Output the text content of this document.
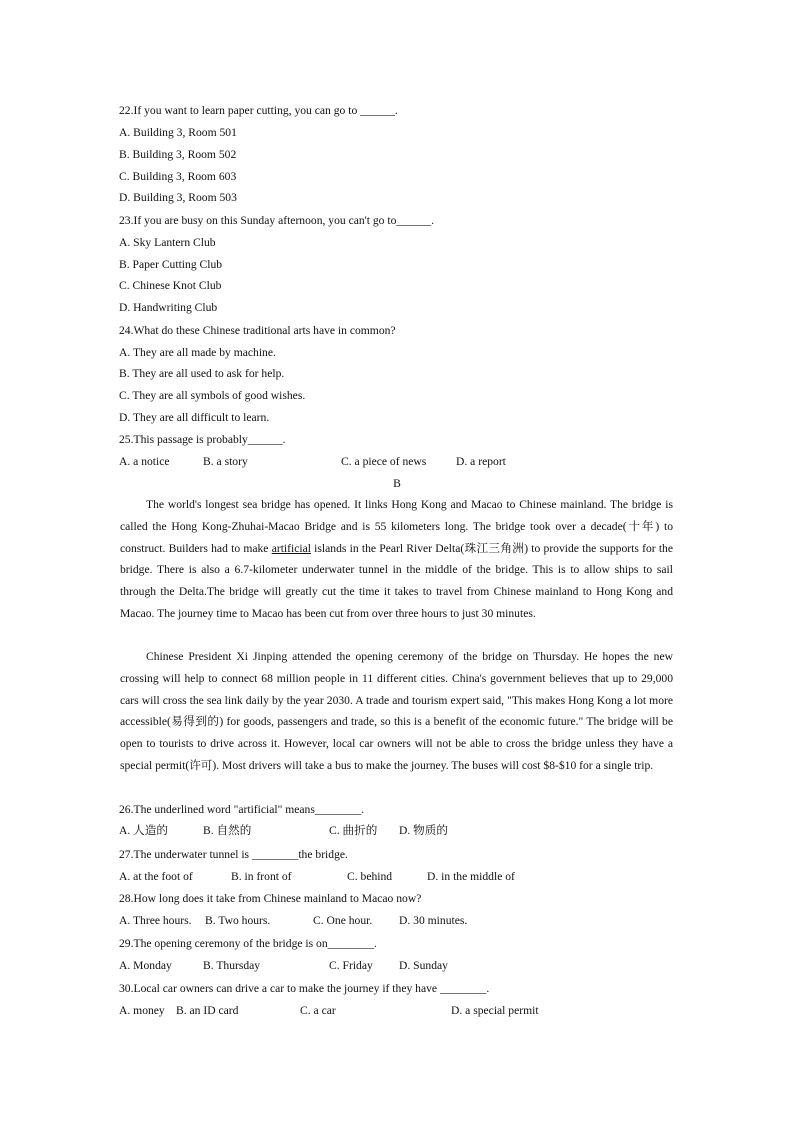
22.If you want to learn paper cutting, you can go to ______.
A. Building 3, Room 501
B. Building 3, Room 502
C. Building 3, Room 603
D. Building 3, Room 503
23.If you are busy on this Sunday afternoon, you can't go to______.
A. Sky Lantern Club
B. Paper Cutting Club
C. Chinese Knot Club
D. Handwriting Club
24.What do these Chinese traditional arts have in common?
A. They are all made by machine.
B. They are all used to ask for help.
C. They are all symbols of good wishes.
D. They are all difficult to learn.
25.This passage is probably______.
A. a notice	B. a story	C. a piece of news	D. a report
B
The world's longest sea bridge has opened. It links Hong Kong and Macao to Chinese mainland. The bridge is called the Hong Kong-Zhuhai-Macao Bridge and is 55 kilometers long. The bridge took over a decade(十年) to construct. Builders had to make artificial islands in the Pearl River Delta(珠江三角洲) to provide the supports for the bridge. There is also a 6.7-kilometer underwater tunnel in the middle of the bridge. This is to allow ships to sail through the Delta.The bridge will greatly cut the time it takes to travel from Chinese mainland to Hong Kong and Macao. The journey time to Macao has been cut from over three hours to just 30 minutes.
Chinese President Xi Jinping attended the opening ceremony of the bridge on Thursday. He hopes the new crossing will help to connect 68 million people in 11 different cities. China's government believes that up to 29,000 cars will cross the sea link daily by the year 2030. A trade and tourism expert said, "This makes Hong Kong a lot more accessible(易得到的) for goods, passengers and trade, so this is a benefit of the economic future." The bridge will be open to tourists to drive across it. However, local car owners will not be able to cross the bridge unless they have a special permit(许可). Most drivers will take a bus to make the journey. The buses will cost $8-$10 for a single trip.
26.The underlined word "artificial" means________.
A. 人造的	B. 自然的	C. 曲折的 D. 物质的
27.The underwater tunnel is ________the bridge.
A. at the foot of	B. in front of	C. behind	D. in the middle of
28.How long does it take from Chinese mainland to Macao now?
A. Three hours. B. Two hours.	C. One hour. D. 30 minutes.
29.The opening ceremony of the bridge is on________.
A. Monday	B. Thursday	C. Friday D. Sunday
30.Local car owners can drive a car to make the journey if they have ________.
A. money B. an ID card	C. a car	D. a special permit
